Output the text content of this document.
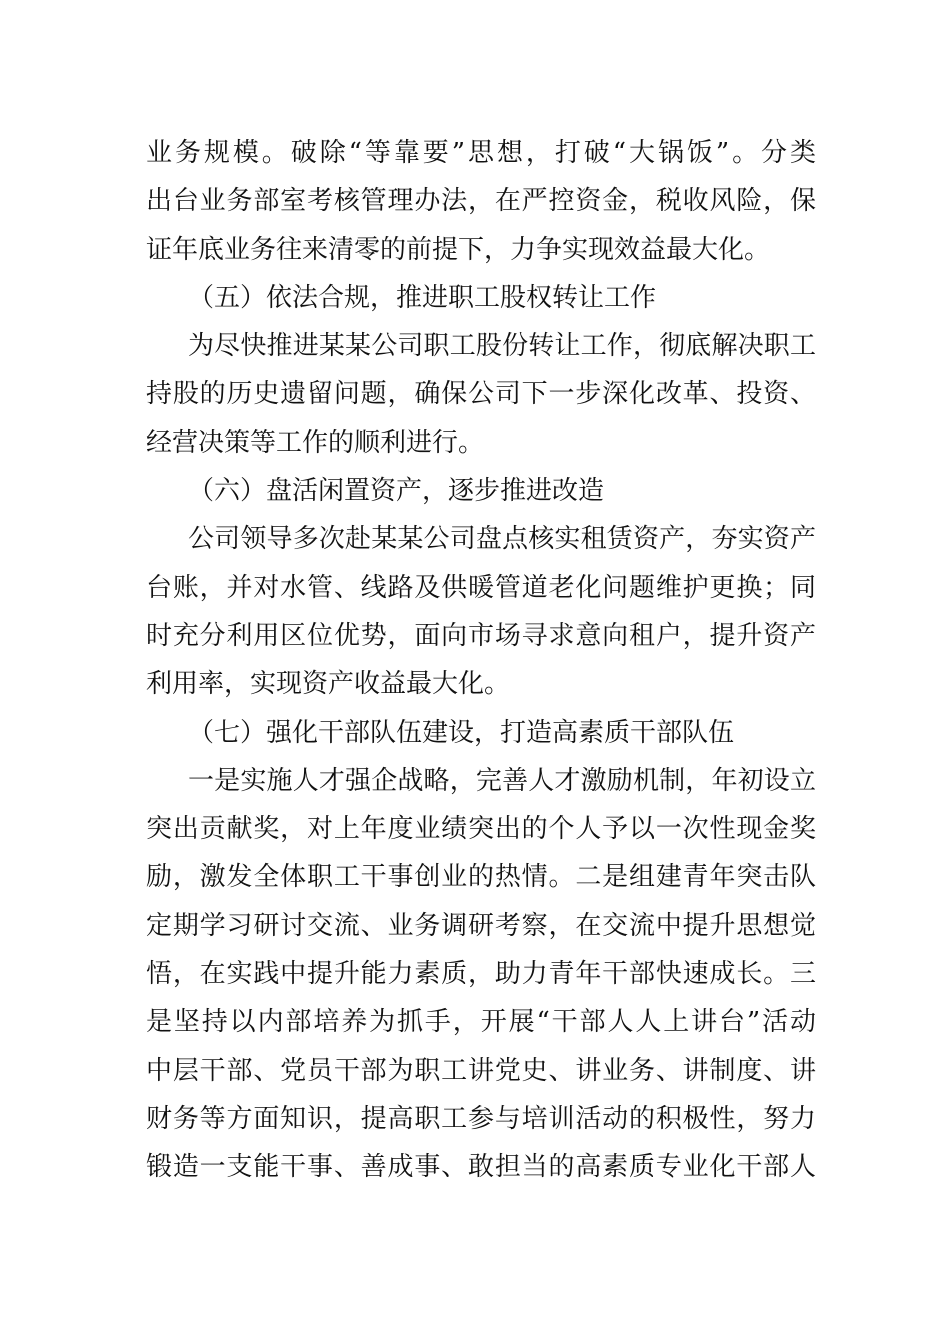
业务规模。破除“等靠要”思想，打破“大锅饭”。分类
出台业务部室考核管理办法，在严控资金，税收风险，保
证年底业务往来清零的前提下，力争实现效益最大化。
（五）依法合规，推进职工股权转让工作
为尽快推进某某公司职工股份转让工作，彻底解决职工
持股的历史遗留问题，确保公司下一步深化改革、投资、
经营决策等工作的顺利进行。
（六）盘活闲置资产，逐步推进改造
公司领导多次赴某某公司盘点核实租赁资产，夯实资产
台账，并对水管、线路及供暖管道老化问题维护更换；同
时充分利用区位优势，面向市场寻求意向租户，提升资产
利用率，实现资产收益最大化。
（七）强化干部队伍建设，打造高素质干部队伍
一是实施人才强企战略，完善人才激励机制，年初设立
突出贡献奖，对上年度业绩突出的个人予以一次性现金奖
励，激发全体职工干事创业的热情。二是组建青年突击队
定期学习研讨交流、业务调研考察，在交流中提升思想觉
悟，在实践中提升能力素质，助力青年干部快速成长。三
是坚持以内部培养为抓手，开展“干部人人上讲台”活动
中层干部、党员干部为职工讲党史、讲业务、讲制度、讲
财务等方面知识，提高职工参与培训活动的积极性，努力
锻造一支能干事、善成事、敢担当的高素质专业化干部人
